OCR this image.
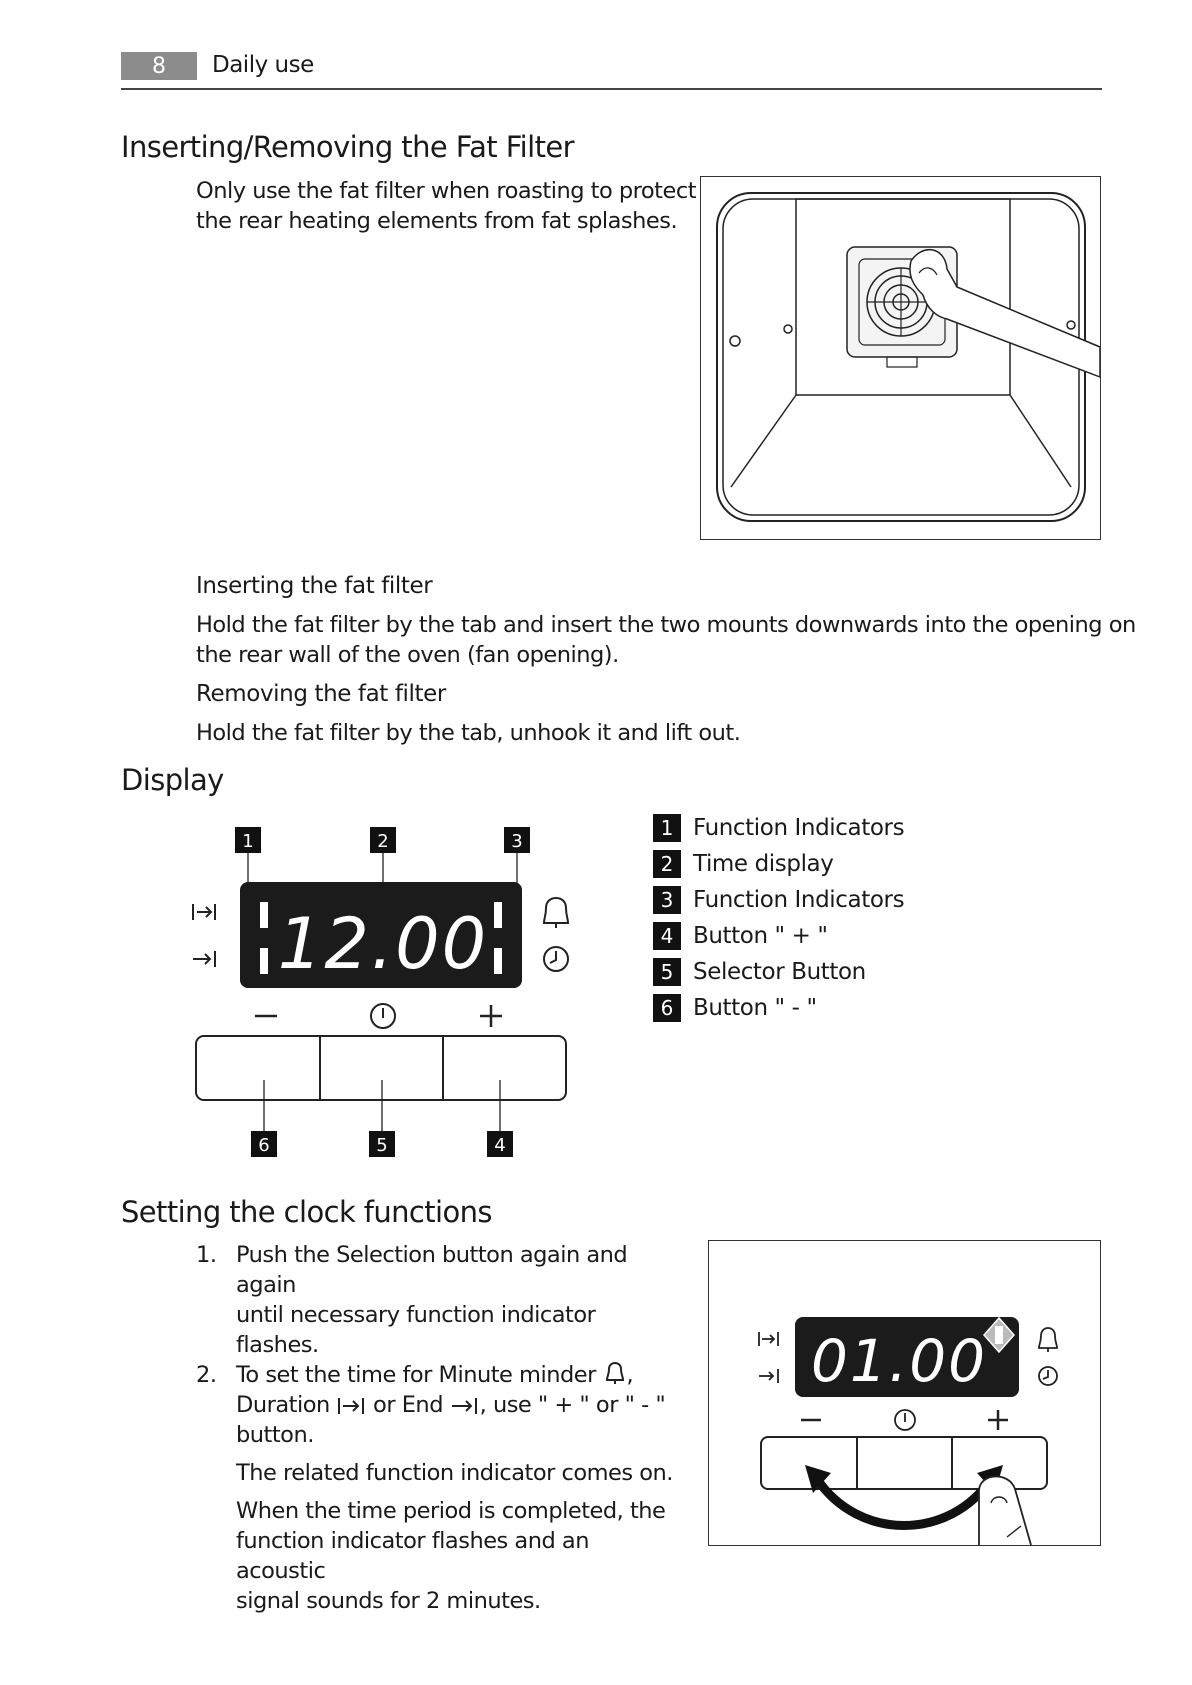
8	Daily use
Inserting/Removing the Fat Filter
Only use the fat filter when roasting to protect
the rear heating elements from fat splashes.
Inserting the fat filter
Hold the fat filter by the tab and insert the two mounts downwards into the opening on
the rear wall of the oven (fan opening).
Removing the fat filter
Hold the fat filter by the tab, unhook it and lift out.
Display
1	2	3
12.00
6	5	4
1 Function Indicators
2 Time display
3 Function Indicators
4 Button " + "
5 Selector Button
6 Button " - "
Setting the clock functions
1. Push the Selection button again and again
until necessary function indicator flashes.
2. To set the time for Minute minder ,
Duration or End , use " + " or " - "
button.
The related function indicator comes on.
When the time period is completed, the
function indicator flashes and an acoustic
signal sounds for 2 minutes.
01.00
